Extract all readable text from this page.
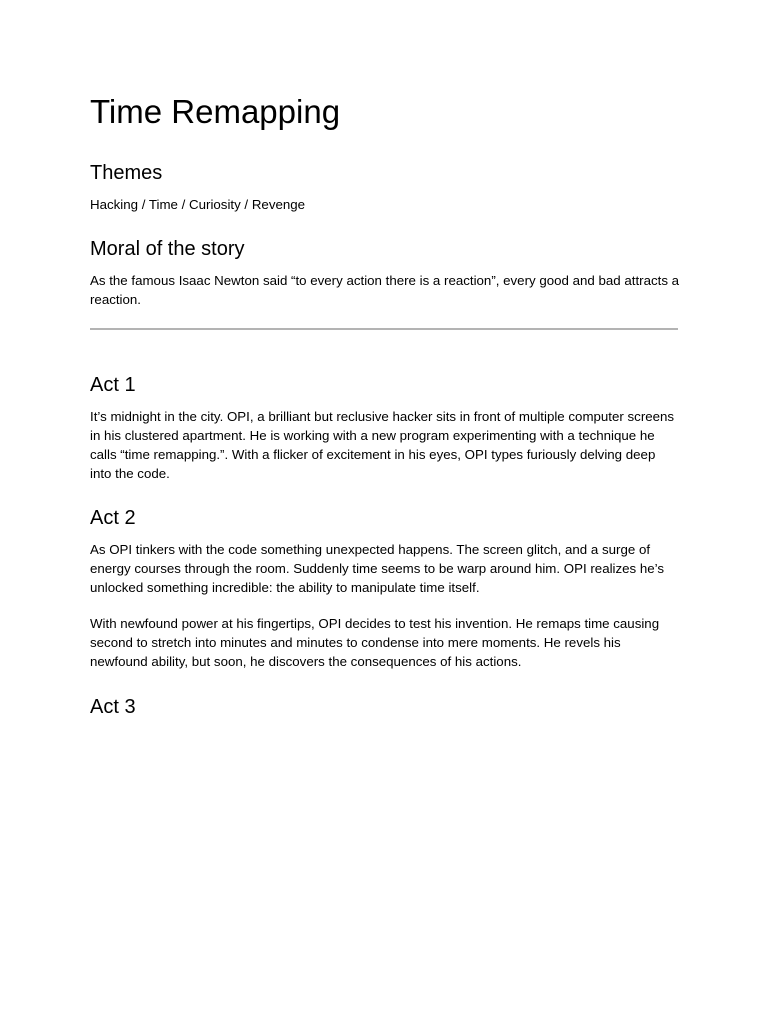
Time Remapping
Themes

Hacking / Time / Curiosity / Revenge

Moral of the story

As the famous Isaac Newton said “to every action there is a reaction”, every good and bad attracts a reaction.

Act 1

It’s midnight in the city. OPI, a brilliant but reclusive hacker sits in front of multiple computer screens in his clustered apartment. He is working with a new program experimenting with a technique he calls “time remapping.”. With a flicker of excitement in his eyes, OPI types furiously delving deep into the code.

Act 2

As OPI tinkers with the code something unexpected happens. The screen glitch, and a surge of energy courses through the room. Suddenly time seems to be warp around him. OPI realizes he’s unlocked something incredible: the ability to manipulate time itself.

With newfound power at his fingertips, OPI decides to test his invention. He remaps time causing second to stretch into minutes and minutes to condense into mere moments. He revels his newfound ability, but soon, he discovers the consequences of his actions.

Act 3
